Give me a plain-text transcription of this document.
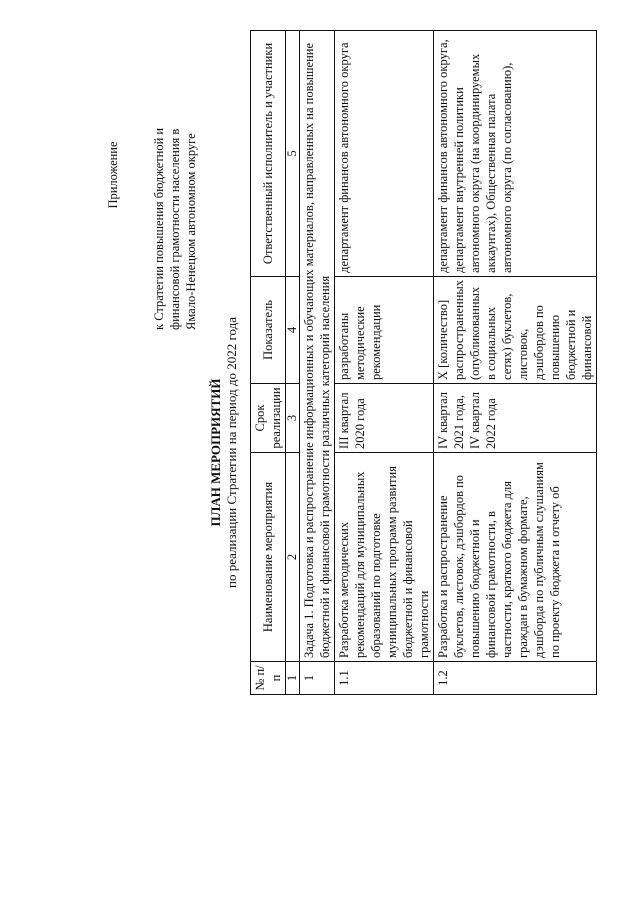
Приложение	к Стратегии повышения бюджетной и финансовой грамотности населения в Ямало-Ненецком автономном округе
ПЛАН МЕРОПРИЯТИЙ по реализации Стратегии на период до 2022 года
№ п/п	Наименование мероприятия	Срок реализации	Показатель	Ответственный исполнитель и участники
1	2	3	4	5
1	Задача 1. Подготовка и распространение информационных и обучающих материалов, направленных на повышение бюджетной и финансовой грамотности различных категорий населения			
1.1	Разработка методических рекомендаций для муниципальных образований по подготовке муниципальных программ развития бюджетной и финансовой грамотности	III квартал 2020 года	разработаны методические рекомендации	департамент финансов автономного округа
1.2	Разработка и распространение буклетов, листовок, дэшбордов по повышению бюджетной и финансовой грамотности, в частности, краткого бюджета для граждан в бумажном формате, дэшборда по публичным слушаниям по проекту бюджета и отчету об	IV квартал 2021 года, IV квартал 2022 года	X [количество] распространенных (опубликованных в социальных сетях) буклетов, листовок, дэшбордов по повышению бюджетной и финансовой	департамент финансов автономного округа, департамент внутренней политики автономного округа (на координируемых аккаунтах), Общественная палата автономного округа (по согласованию),
